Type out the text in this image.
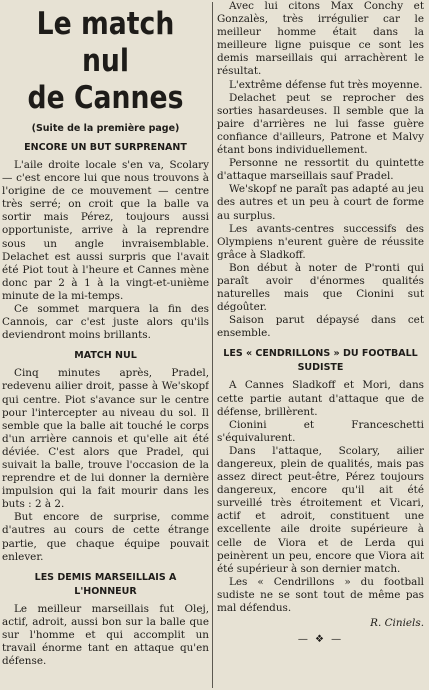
Le match nul
de Cannes
(Suite de la première page)
ENCORE UN BUT SURPRENANT

L'aile droite locale s'en va, Scolary — c'est encore lui que nous trouvons à l'origine de ce mouvement — centre très serré; on croit que la balle va sortir mais Pérez, toujours aussi opportuniste, arrive à la reprendre sous un angle invraisemblable. Delachet est aussi surpris que l'avait été Piot tout à l'heure et Cannes mène donc par 2 à 1 à la vingt-et-unième minute de la mi-temps.

Ce sommet marquera la fin des Cannois, car c'est juste alors qu'ils deviendront moins brillants.

MATCH NUL

Cinq minutes après, Pradel, redevenu ailier droit, passe à We'skopf qui centre. Piot s'avance sur le centre pour l'intercepter au niveau du sol. Il semble que la balle ait touché le corps d'un arrière cannois et qu'elle ait été déviée. C'est alors que Pradel, qui suivait la balle, trouve l'occasion de la reprendre et de lui donner la dernière impulsion qui la fait mourir dans les buts : 2 à 2.

But encore de surprise, comme d'autres au cours de cette étrange partie, que chaque équipe pouvait enlever.

LES DEMIS MARSEILLAIS A L'HONNEUR

Le meilleur marseillais fut Olej, actif, adroit, aussi bon sur la balle que sur l'homme et qui accomplit un travail énorme tant en attaque qu'en défense.

Avec lui citons Max Conchy et Gonzalès, très irrégulier car le meilleur homme était dans la meilleure ligne puisque ce sont les demis marseillais qui arrachèrent le résultat.

L'extrême défense fut très moyenne.

Delachet peut se reprocher des sorties hasardeuses. Il semble que la paire d'arrières ne lui fasse guère confiance d'ailleurs, Patrone et Malvy étant bons individuellement.

Personne ne ressortit du quintette d'attaque marseillais sauf Pradel.

We'skopf ne paraît pas adapté au jeu des autres et un peu à court de forme au surplus.

Les avants-centres successifs des Olympiens n'eurent guère de réussite grâce à Sladkoff.

Bon début à noter de P'ronti qui paraît avoir d'énormes qualités naturelles mais que Cionini sut dégoûter.

Saison parut dépaysé dans cet ensemble.

LES « CENDRILLONS » DU FOOTBALL SUDISTE

A Cannes Sladkoff et Mori, dans cette partie autant d'attaque que de défense, brillèrent.

Cionini et Franceschetti s'équivalurent.

Dans l'attaque, Scolary, ailier dangereux, plein de qualités, mais pas assez direct peut-être, Pérez toujours dangereux, encore qu'il ait été surveillé très étroitement et Vicari, actif et adroit, constituent une excellente aile droite supérieure à celle de Viora et de Lerda qui peinèrent un peu, encore que Viora ait été supérieur à son dernier match.

Les « Cendrillons » du football sudiste ne se sont tout de même pas mal défendus.

R. Ciniels.

— ❖ —
